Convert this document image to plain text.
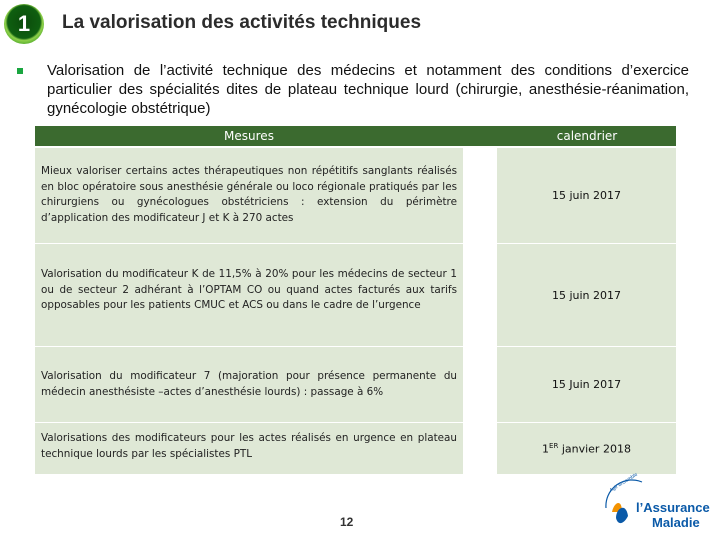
1 La valorisation des activités techniques
Valorisation de l’activité technique des médecins et notamment des conditions d’exercice particulier des spécialités dites de plateau technique lourd (chirurgie, anesthésie-réanimation, gynécologie obstétrique)
Mesures	calendrier

Mieux valoriser certains actes thérapeutiques non répétitifs sanglants réalisés en bloc opératoire sous anesthésie générale ou loco régionale pratiqués par les chirurgiens ou gynécologues obstétriciens : extension du périmètre d’application des modificateur J et K à 270 actes

15 juin 2017

Valorisation du modificateur K de 11,5% à 20% pour les médecins de secteur 1 ou de secteur 2 adhérant à l’OPTAM CO ou quand actes facturés aux tarifs opposables pour les patients CMUC et ACS ou dans le cadre de l’urgence

15 juin 2017

Valorisation du modificateur 7 (majoration pour présence permanente du médecin anesthésiste –actes d’anesthésie lourds) : passage à 6%

15 Juin 2017

Valorisations des modificateurs pour les actes réalisés en urgence en plateau technique lourds par les spécialistes PTL	1ER janvier 2018
12
Agir ensemble
l’Assurance
Maladie
